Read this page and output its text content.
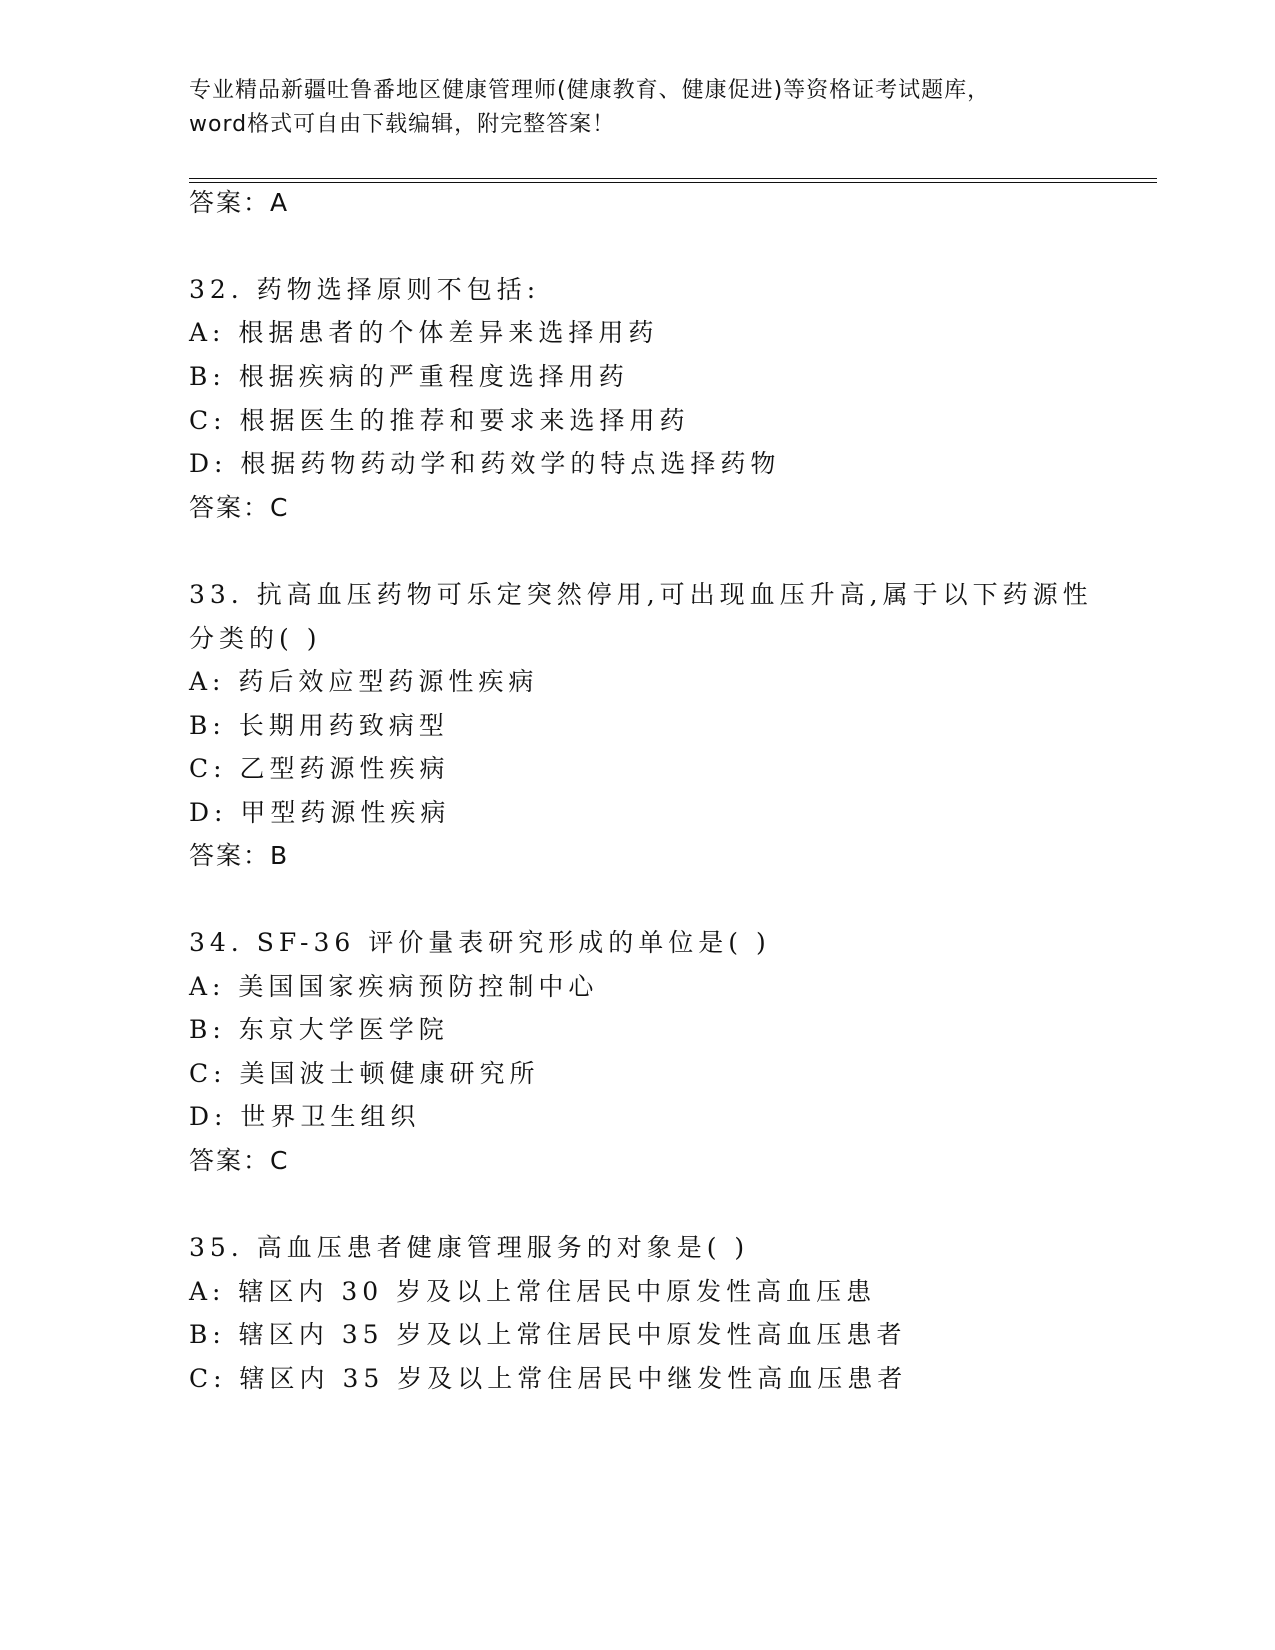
专业精品新疆吐鲁番地区健康管理师(健康教育、健康促进)等资格证考试题库，
word格式可自由下载编辑，附完整答案！
答案：A
32. 药物选择原则不包括:
A: 根据患者的个体差异来选择用药
B: 根据疾病的严重程度选择用药
C: 根据医生的推荐和要求来选择用药
D: 根据药物药动学和药效学的特点选择药物
答案：C
33. 抗高血压药物可乐定突然停用,可出现血压升高,属于以下药源性
分类的( )
A: 药后效应型药源性疾病
B: 长期用药致病型
C: 乙型药源性疾病
D: 甲型药源性疾病
答案：B
34. SF-36 评价量表研究形成的单位是( )
A: 美国国家疾病预防控制中心
B: 东京大学医学院
C: 美国波士顿健康研究所
D: 世界卫生组织
答案：C
35. 高血压患者健康管理服务的对象是( )
A: 辖区内 30 岁及以上常住居民中原发性高血压患
B: 辖区内 35 岁及以上常住居民中原发性高血压患者
C: 辖区内 35 岁及以上常住居民中继发性高血压患者
